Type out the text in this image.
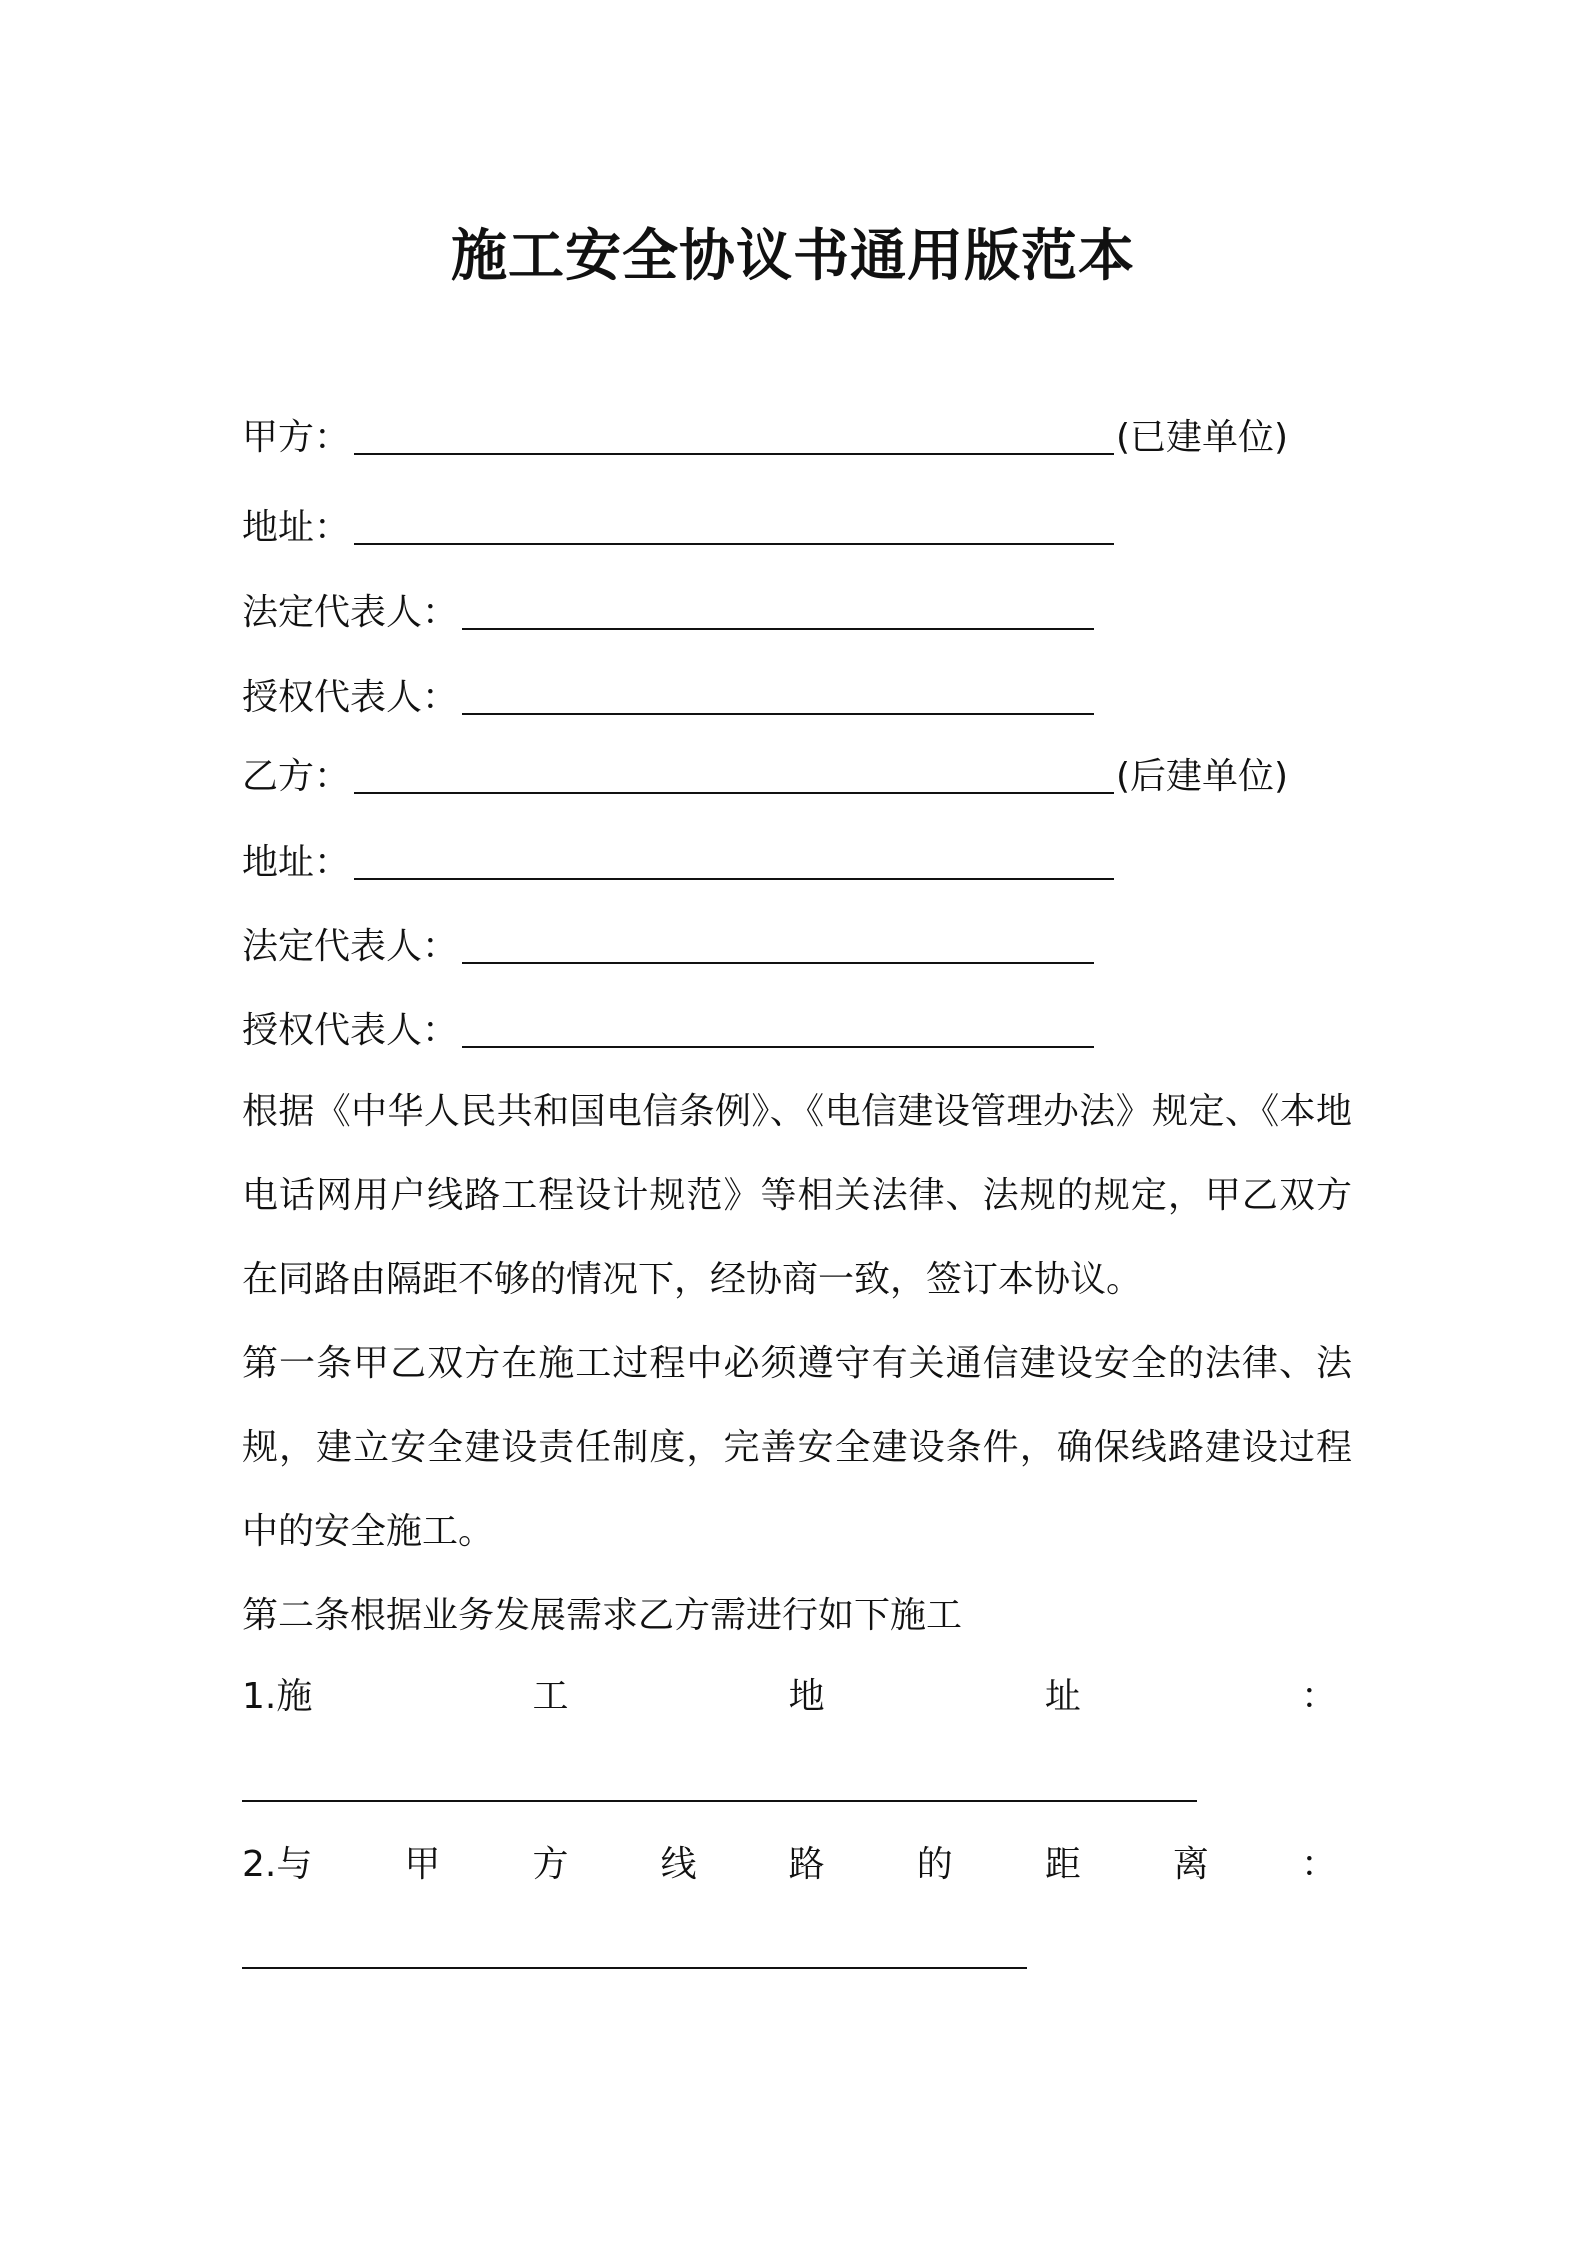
施工安全协议书通用版范本
甲方：	(已建单位)
地址：
法定代表人：
授权代表人：
乙方：	(后建单位)
地址：
法定代表人：
授权代表人：
根据《中华人民共和国电信条例》、《电信建设管理办法》规定、《本地电话网用户线路工程设计规范》等相关法律、法规的规定，甲乙双方在同路由隔距不够的情况下，经协商一致，签订本协议。
第一条甲乙双方在施工过程中必须遵守有关通信建设安全的法律、法规，建立安全建设责任制度，完善安全建设条件，确保线路建设过程中的安全施工。
第二条根据业务发展需求乙方需进行如下施工
1.施	工	地	址	：
2.与	甲	方	线	路	的	距	离	：
